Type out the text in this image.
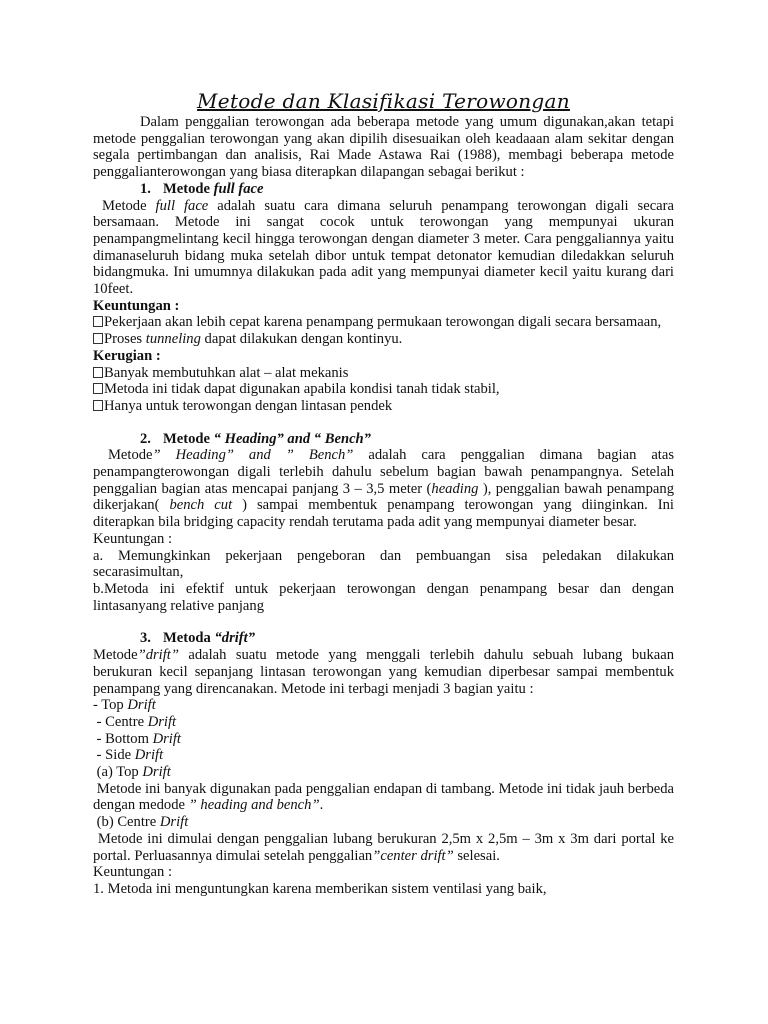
Metode dan Klasifikasi Terowongan

Dalam penggalian terowongan ada beberapa metode yang umum digunakan,akan tetapi metode penggalian terowongan yang akan dipilih disesuaikan oleh keadaaan alam sekitar dengan segala pertimbangan dan analisis, Rai Made Astawa Rai (1988), membagi beberapa metode penggalianterowongan yang biasa diterapkan dilapangan sebagai berikut :

1. Metode full face

Metode full face adalah suatu cara dimana seluruh penampang terowongan digali secara bersamaan. Metode ini sangat cocok untuk terowongan yang mempunyai ukuran penampangmelintang kecil hingga terowongan dengan diameter 3 meter. Cara penggaliannya yaitu dimanaseluruh bidang muka setelah dibor untuk tempat detonator kemudian diledakkan seluruh bidangmuka. Ini umumnya dilakukan pada adit yang mempunyai diameter kecil yaitu kurang dari 10feet.

Keuntungan :

Pekerjaan akan lebih cepat karena penampang permukaan terowongan digali secara bersamaan,

Proses tunneling dapat dilakukan dengan kontinyu.

Kerugian :

Banyak membutuhkan alat – alat mekanis

Metoda ini tidak dapat digunakan apabila kondisi tanah tidak stabil,

Hanya untuk terowongan dengan lintasan pendek

2. Metode “ Heading” and “ Bench”

Metode” Heading” and ” Bench” adalah cara penggalian dimana bagian atas penampangterowongan digali terlebih dahulu sebelum bagian bawah penampangnya. Setelah penggalian bagian atas mencapai panjang 3 – 3,5 meter (heading ), penggalian bawah penampang dikerjakan( bench cut ) sampai membentuk penampang terowongan yang diinginkan. Ini diterapkan bila bridging capacity rendah terutama pada adit yang mempunyai diameter besar.

Keuntungan :

a. Memungkinkan pekerjaan pengeboran dan pembuangan sisa peledakan dilakukan secarasimultan,

b.Metoda ini efektif untuk pekerjaan terowongan dengan penampang besar dan dengan lintasanyang relative panjang

3. Metoda “drift”

Metode”drift” adalah suatu metode yang menggali terlebih dahulu sebuah lubang bukaan berukuran kecil sepanjang lintasan terowongan yang kemudian diperbesar sampai membentuk penampang yang direncanakan. Metode ini terbagi menjadi 3 bagian yaitu :

- Top Drift

- Centre Drift

- Bottom Drift

- Side Drift

(a) Top Drift

Metode ini banyak digunakan pada penggalian endapan di tambang. Metode ini tidak jauh berbeda dengan medode ” heading and bench”.

(b) Centre Drift

Metode ini dimulai dengan penggalian lubang berukuran 2,5m x 2,5m – 3m x 3m dari portal ke portal. Perluasannya dimulai setelah penggalian”center drift” selesai.

Keuntungan :

1. Metoda ini menguntungkan karena memberikan sistem ventilasi yang baik,
